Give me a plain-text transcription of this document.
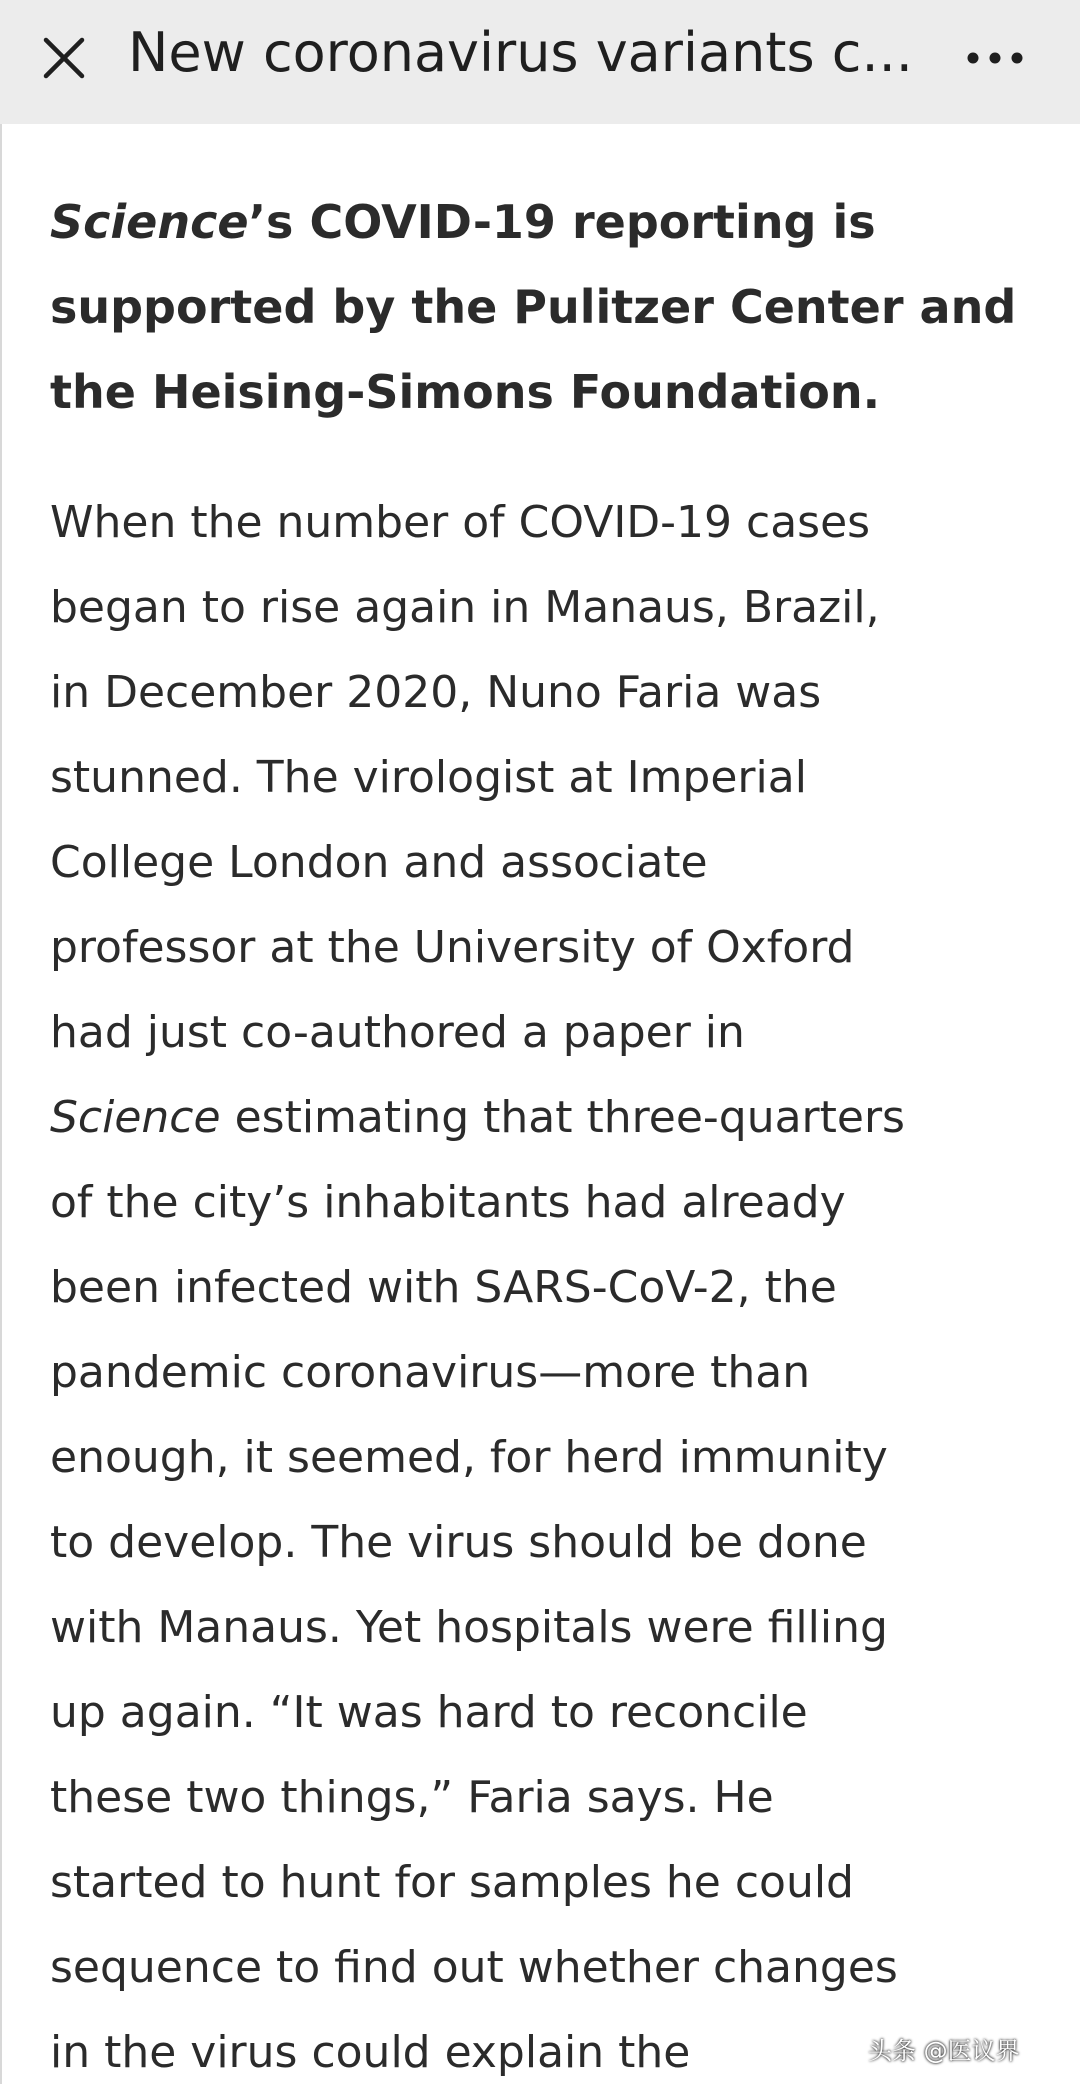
New coronavirus variants c...

Science’s COVID-19 reporting is
supported by the Pulitzer Center and
the Heising-Simons Foundation.

When the number of COVID-19 cases
began to rise again in Manaus, Brazil,
in December 2020, Nuno Faria was
stunned. The virologist at Imperial
College London and associate
professor at the University of Oxford
had just co-authored a paper in
Science estimating that three-quarters
of the city’s inhabitants had already
been infected with SARS-CoV-2, the
pandemic coronavirus—more than
enough, it seemed, for herd immunity
to develop. The virus should be done
with Manaus. Yet hospitals were filling
up again. “It was hard to reconcile
these two things,” Faria says. He
started to hunt for samples he could
sequence to find out whether changes
in the virus could explain the	头条 @医议界
